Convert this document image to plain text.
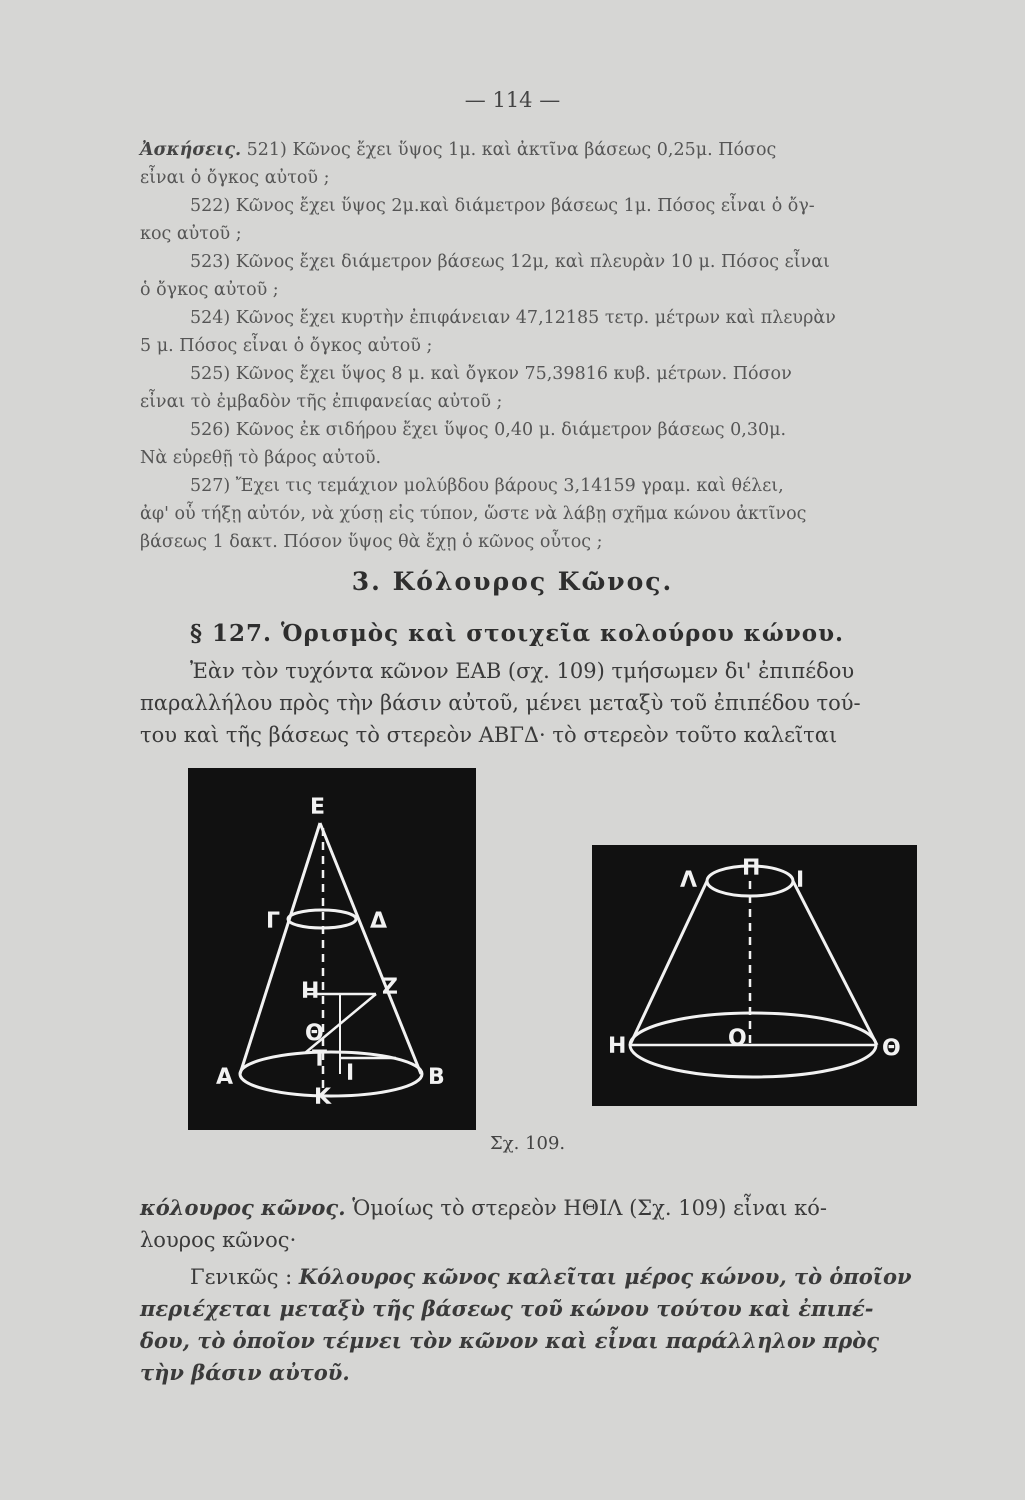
— 114 —

Ἀσκήσεις. 521) Κῶνος ἔχει ὕψος 1μ. καὶ ἀκτῖνα βάσεως 0,25μ. Πόσος

εἶναι ὁ ὄγκος αὐτοῦ ;

522) Κῶνος ἔχει ὕψος 2μ.καὶ διάμετρον βάσεως 1μ. Πόσος εἶναι ὁ ὄγ-

κος αὐτοῦ ;

523) Κῶνος ἔχει διάμετρον βάσεως 12μ, καὶ πλευρὰν 10 μ. Πόσος εἶναι

ὁ ὄγκος αὐτοῦ ;

524) Κῶνος ἔχει κυρτὴν ἐπιφάνειαν 47,12185 τετρ. μέτρων καὶ πλευρὰν

5 μ. Πόσος εἶναι ὁ ὄγκος αὐτοῦ ;

525) Κῶνος ἔχει ὕψος 8 μ. καὶ ὄγκον 75,39816 κυβ. μέτρων. Πόσον

εἶναι τὸ ἐμβαδὸν τῆς ἐπιφανείας αὐτοῦ ;

526) Κῶνος ἐκ σιδήρου ἔχει ὕψος 0,40 μ. διάμετρον βάσεως 0,30μ.

Νὰ εὑρεθῇ τὸ βάρος αὐτοῦ.

527) Ἔχει τις τεμάχιον μολύβδου βάρους 3,14159 γραμ. καὶ θέλει,

ἀφ' οὗ τήξῃ αὐτόν, νὰ χύσῃ εἰς τύπον, ὥστε νὰ λάβῃ σχῆμα κώνου ἀκτῖνος

βάσεως 1 δακτ. Πόσον ὕψος θὰ ἔχῃ ὁ κῶνος οὗτος ;

3. Κόλουρος Κῶνος.
§ 127. Ὁρισμὸς καὶ στοιχεῖα κολούρου κώνου.

Ἐὰν τὸν τυχόντα κῶνον ΕΑΒ (σχ. 109) τμήσωμεν δι' ἐπιπέδου

παραλλήλου πρὸς τὴν βάσιν αὐτοῦ, μένει μεταξὺ τοῦ ἐπιπέδου τού-

του καὶ τῆς βάσεως τὸ στερεὸν ΑΒΓΔ· τὸ στερεὸν τοῦτο καλεῖται

Ε
Γ	Δ
Η	Ζ
Θ
Τ
Ι
Α	Β
Κ
Λ Π Ι
Η	Ο	Θ
Σχ. 109.

κόλουρος κῶνος. Ὁμοίως τὸ στερεὸν ΗΘΙΛ (Σχ. 109) εἶναι κό-

λουρος κῶνος·

Γενικῶς : Κόλουρος κῶνος καλεῖται μέρος κώνου, τὸ ὁποῖον

περιέχεται μεταξὺ τῆς βάσεως τοῦ κώνου τούτου καὶ ἐπιπέ-

δου, τὸ ὁποῖον τέμνει τὸν κῶνον καὶ εἶναι παράλληλον πρὸς

τὴν βάσιν αὐτοῦ.
